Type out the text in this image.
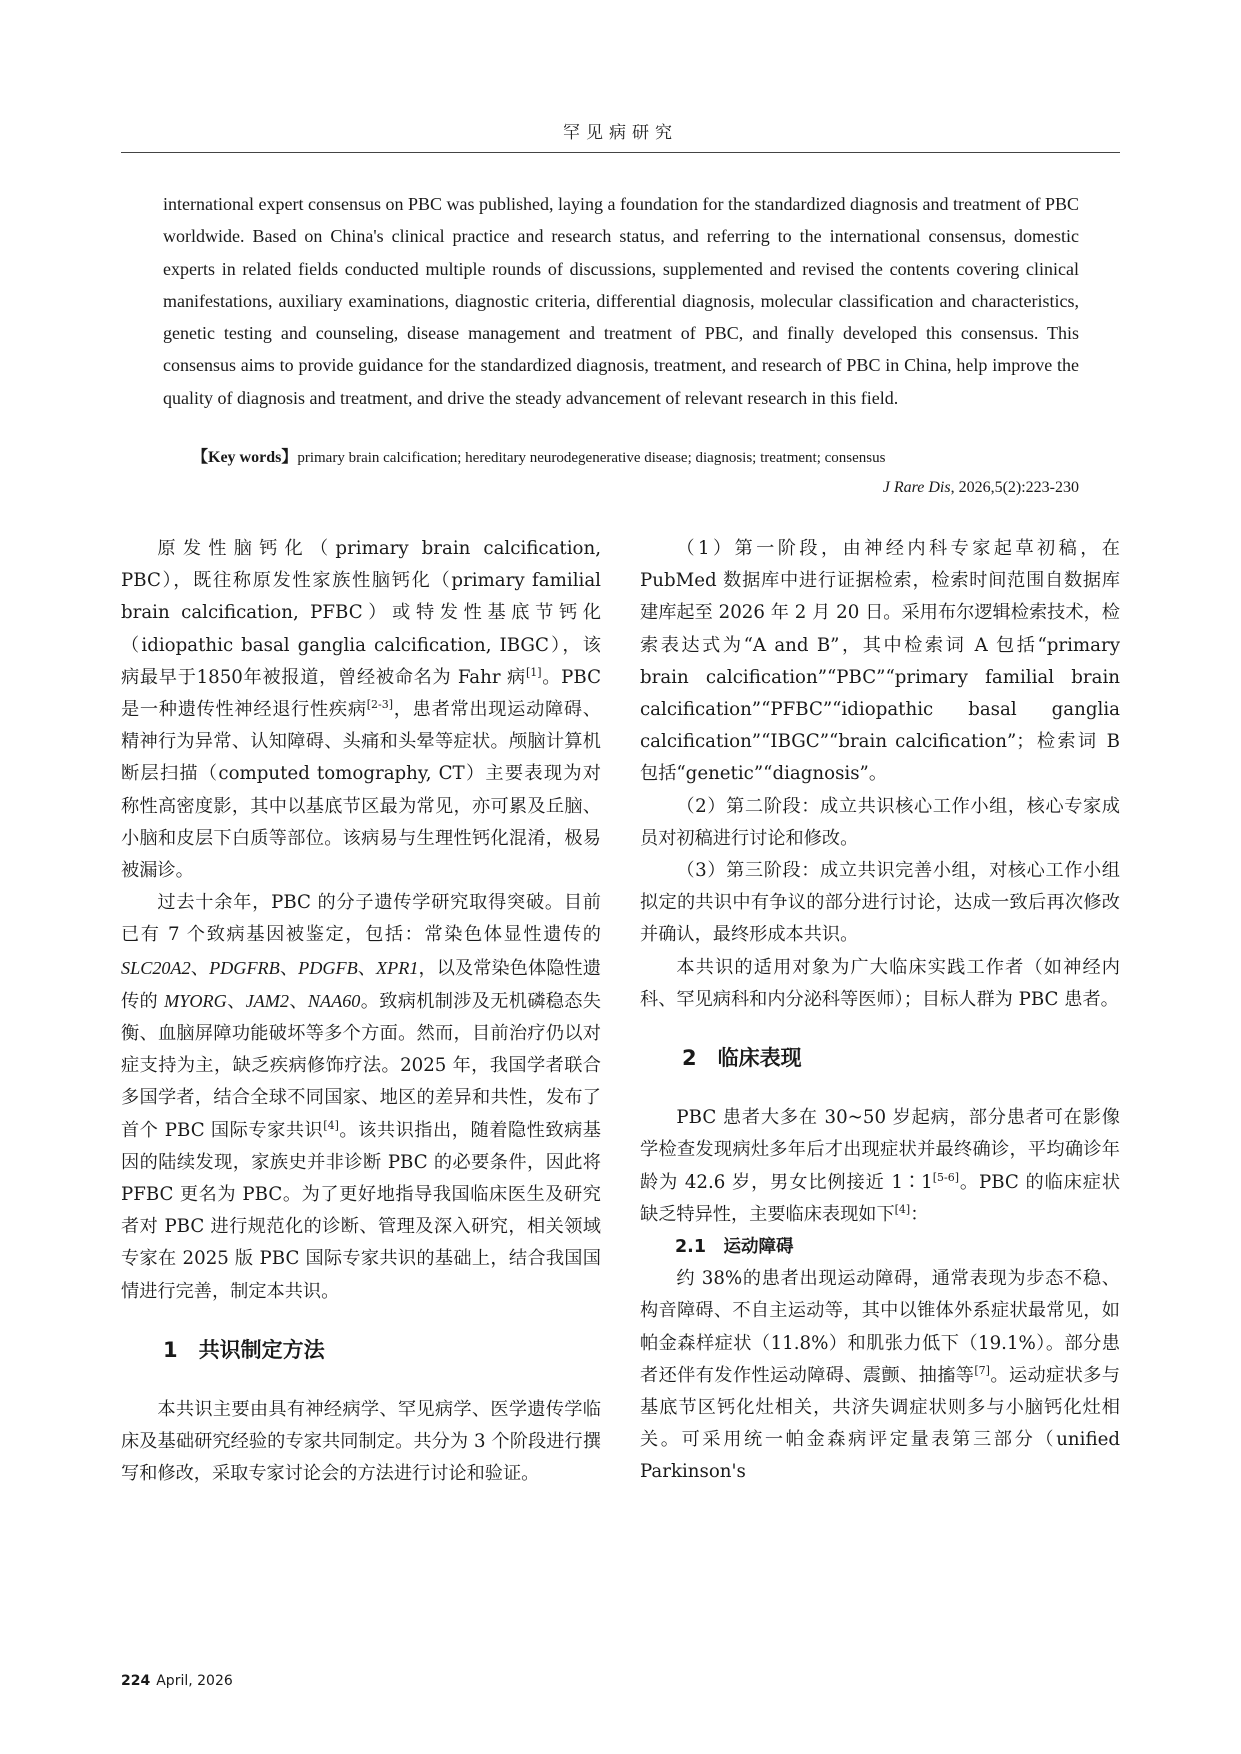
罕见病研究

international expert consensus on PBC was published, laying a foundation for the standardized diagnosis and treatment of PBC worldwide. Based on China's clinical practice and research status, and referring to the international consensus, domestic experts in related fields conducted multiple rounds of discussions, supplemented and revised the contents covering clinical manifestations, auxiliary examinations, diagnostic criteria, differential diagnosis, molecular classification and characteristics, genetic testing and counseling, disease management and treatment of PBC, and finally developed this consensus. This consensus aims to provide guidance for the standardized diagnosis, treatment, and research of PBC in China, help improve the quality of diagnosis and treatment, and drive the steady advancement of relevant research in this field.

【Key words】primary brain calcification; hereditary neurodegenerative disease; diagnosis; treatment; consensus
J Rare Dis, 2026,5(2):223-230

原发性脑钙化（primary brain calcification, PBC），既往称原发性家族性脑钙化（primary familial brain calcification, PFBC）或特发性基底节钙化（idiopathic basal ganglia calcification, IBGC），该病最早于1850年被报道，曾经被命名为 Fahr 病[1]。PBC 是一种遗传性神经退行性疾病[2-3]，患者常出现运动障碍、精神行为异常、认知障碍、头痛和头晕等症状。颅脑计算机断层扫描（computed tomography, CT）主要表现为对称性高密度影，其中以基底节区最为常见，亦可累及丘脑、小脑和皮层下白质等部位。该病易与生理性钙化混淆，极易被漏诊。

过去十余年，PBC 的分子遗传学研究取得突破。目前已有 7 个致病基因被鉴定，包括：常染色体显性遗传的 SLC20A2、PDGFRB、PDGFB、XPR1，以及常染色体隐性遗传的 MYORG、JAM2、NAA60。致病机制涉及无机磷稳态失衡、血脑屏障功能破坏等多个方面。然而，目前治疗仍以对症支持为主，缺乏疾病修饰疗法。2025 年，我国学者联合多国学者，结合全球不同国家、地区的差异和共性，发布了首个 PBC 国际专家共识[4]。该共识指出，随着隐性致病基因的陆续发现，家族史并非诊断 PBC 的必要条件，因此将 PFBC 更名为 PBC。为了更好地指导我国临床医生及研究者对 PBC 进行规范化的诊断、管理及深入研究，相关领域专家在 2025 版 PBC 国际专家共识的基础上，结合我国国情进行完善，制定本共识。

1　共识制定方法

本共识主要由具有神经病学、罕见病学、医学遗传学临床及基础研究经验的专家共同制定。共分为 3 个阶段进行撰写和修改，采取专家讨论会的方法进行讨论和验证。

（1）第一阶段，由神经内科专家起草初稿，在 PubMed 数据库中进行证据检索，检索时间范围自数据库建库起至 2026 年 2 月 20 日。采用布尔逻辑检索技术，检索表达式为“A and B”，其中检索词 A 包括“primary brain calcification”“PBC”“primary familial brain calcification”“PFBC”“idiopathic basal ganglia calcification”“IBGC”“brain calcification”；检索词 B 包括“genetic”“diagnosis”。

（2）第二阶段：成立共识核心工作小组，核心专家成员对初稿进行讨论和修改。

（3）第三阶段：成立共识完善小组，对核心工作小组拟定的共识中有争议的部分进行讨论，达成一致后再次修改并确认，最终形成本共识。

本共识的适用对象为广大临床实践工作者（如神经内科、罕见病科和内分泌科等医师）；目标人群为 PBC 患者。

2　临床表现

PBC 患者大多在 30~50 岁起病，部分患者可在影像学检查发现病灶多年后才出现症状并最终确诊，平均确诊年龄为 42.6 岁，男女比例接近 1∶1[5-6]。PBC 的临床症状缺乏特异性，主要临床表现如下[4]：

2.1　运动障碍

约 38%的患者出现运动障碍，通常表现为步态不稳、构音障碍、不自主运动等，其中以锥体外系症状最常见，如帕金森样症状（11.8%）和肌张力低下（19.1%）。部分患者还伴有发作性运动障碍、震颤、抽搐等[7]。运动症状多与基底节区钙化灶相关，共济失调症状则多与小脑钙化灶相关。可采用统一帕金森病评定量表第三部分（unified Parkinson's

224 April, 2026
